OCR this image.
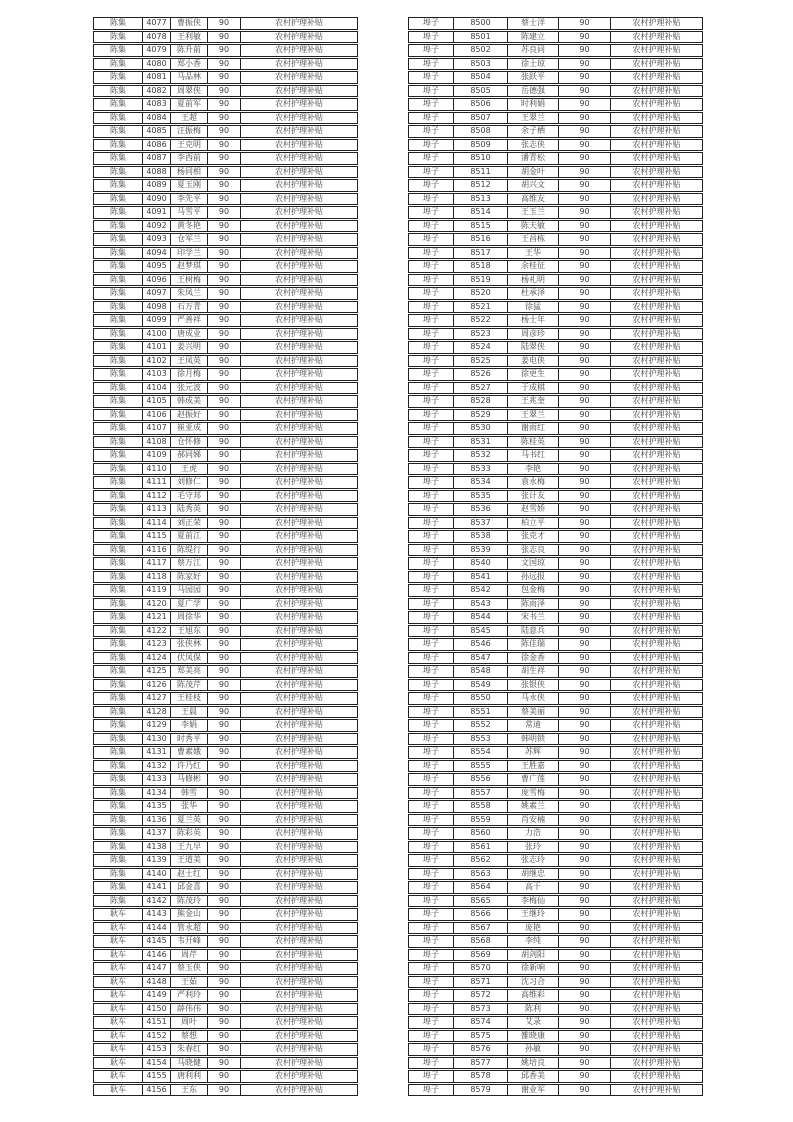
陈集	4077	曹振侠	90	农村护理补贴
陈集	4078	王利敏	90	农村护理补贴
陈集	4079	陈升前	90	农村护理补贴
陈集	4080	郑小香	90	农村护理补贴
陈集	4081	马品林	90	农村护理补贴
陈集	4082	周翠侠	90	农村护理补贴
陈集	4083	夏前军	90	农村护理补贴
陈集	4084	王超	90	农村护理补贴
陈集	4085	汪振梅	90	农村护理补贴
陈集	4086	王克明	90	农村护理补贴
陈集	4087	李西前	90	农村护理补贴
陈集	4088	杨同相	90	农村护理补贴
陈集	4089	夏玉刚	90	农村护理补贴
陈集	4090	李先平	90	农村护理补贴
陈集	4091	马雪平	90	农村护理补贴
陈集	4092	黄冬艳	90	农村护理补贴
陈集	4093	仓军兰	90	农村护理补贴
陈集	4094	印学兰	90	农村护理补贴
陈集	4095	赵梦琪	90	农村护理补贴
陈集	4096	王树梅	90	农村护理补贴
陈集	4097	朱凤兰	90	农村护理补贴
陈集	4098	石万青	90	农村护理补贴
陈集	4099	严善祥	90	农村护理补贴
陈集	4100	唐成业	90	农村护理补贴
陈集	4101	姜兴明	90	农村护理补贴
陈集	4102	王凤英	90	农村护理补贴
陈集	4103	徐月梅	90	农村护理补贴
陈集	4104	张元波	90	农村护理补贴
陈集	4105	韩成美	90	农村护理补贴
陈集	4106	赵振好	90	农村护理补贴
陈集	4107	崔亚成	90	农村护理补贴
陈集	4108	仓怀修	90	农村护理补贴
陈集	4109	郝同娣	90	农村护理补贴
陈集	4110	王虎	90	农村护理补贴
陈集	4111	刘修仁	90	农村护理补贴
陈集	4112	毛守邦	90	农村护理补贴
陈集	4113	陆秀英	90	农村护理补贴
陈集	4114	刘正荣	90	农村护理补贴
陈集	4115	夏前江	90	农村护理补贴
陈集	4116	陈缇行	90	农村护理补贴
陈集	4117	蔡万江	90	农村护理补贴
陈集	4118	陈家好	90	农村护理补贴
陈集	4119	马园园	90	农村护理补贴
陈集	4120	夏广学	90	农村护理补贴
陈集	4121	周徐华	90	农村护理补贴
陈集	4122	王旭东	90	农村护理补贴
陈集	4123	张侠林	90	农村护理补贴
陈集	4124	伏凤保	90	农村护理补贴
陈集	4125	郑美亮	90	农村护理补贴
陈集	4126	陈茂芹	90	农村护理补贴
陈集	4127	王桂枝	90	农村护理补贴
陈集	4128	王晨	90	农村护理补贴
陈集	4129	李娟	90	农村护理补贴
陈集	4130	时秀平	90	农村护理补贴
陈集	4131	曹素娥	90	农村护理补贴
陈集	4132	许乃红	90	农村护理补贴
陈集	4133	马修彬	90	农村护理补贴
陈集	4134	韩雪	90	农村护理补贴
陈集	4135	张华	90	农村护理补贴
陈集	4136	夏兰英	90	农村护理补贴
陈集	4137	陈彩英	90	农村护理补贴
陈集	4138	王九早	90	农村护理补贴
陈集	4139	王道美	90	农村护理补贴
陈集	4140	赵士红	90	农村护理补贴
陈集	4141	邱金喜	90	农村护理补贴
陈集	4142	陈茂玲	90	农村护理补贴
耿车	4143	熊金山	90	农村护理补贴
耿车	4144	管永超	90	农村护理补贴
耿车	4145	韦开峰	90	农村护理补贴
耿车	4146	周芹	90	农村护理补贴
耿车	4147	蔡玉侠	90	农村护理补贴
耿车	4148	王茹	90	农村护理补贴
耿车	4149	严利玲	90	农村护理补贴
耿车	4150	薛伟伟	90	农村护理补贴
耿车	4151	周叶	90	农村护理补贴
耿车	4152	蔡想	90	农村护理补贴
耿车	4153	朱春红	90	农村护理补贴
耿车	4154	马晓健	90	农村护理补贴
耿车	4155	唐利利	90	农村护理补贴
耿车	4156	王东	90	农村护理补贴
埠子	8500	蔡士洋	90	农村护理补贴
埠子	8501	陈建立	90	农村护理补贴
埠子	8502	苏良同	90	农村护理补贴
埠子	8503	徐士琼	90	农村护理补贴
埠子	8504	张跃平	90	农村护理补贴
埠子	8505	岳德强	90	农村护理补贴
埠子	8506	时利娟	90	农村护理补贴
埠子	8507	王翠兰	90	农村护理补贴
埠子	8508	余子栖	90	农村护理补贴
埠子	8509	张志侠	90	农村护理补贴
埠子	8510	潘青松	90	农村护理补贴
埠子	8511	胡金叶	90	农村护理补贴
埠子	8512	胡兴文	90	农村护理补贴
埠子	8513	高维友	90	农村护理补贴
埠子	8514	王玉兰	90	农村护理补贴
埠子	8515	陈夫敏	90	农村护理补贴
埠子	8516	王昌栋	90	农村护理补贴
埠子	8517	王华	90	农村护理补贴
埠子	8518	余桂征	90	农村护理补贴
埠子	8519	杨礼明	90	农村护理补贴
埠子	8520	杜承泽	90	农村护理补贴
埠子	8521	徐猛	90	农村护理补贴
埠子	8522	杨士年	90	农村护理补贴
埠子	8523	周彦珍	90	农村护理补贴
埠子	8524	陆翠侠	90	农村护理补贴
埠子	8525	姜电侠	90	农村护理补贴
埠子	8526	徐更生	90	农村护理补贴
埠子	8527	于成棋	90	农村护理补贴
埠子	8528	王兆奎	90	农村护理补贴
埠子	8529	王翠兰	90	农村护理补贴
埠子	8530	谢雨红	90	农村护理补贴
埠子	8531	陈桂英	90	农村护理补贴
埠子	8532	马书红	90	农村护理补贴
埠子	8533	李艳	90	农村护理补贴
埠子	8534	袁永梅	90	农村护理补贴
埠子	8535	张计友	90	农村护理补贴
埠子	8536	赵雪娇	90	农村护理补贴
埠子	8537	柏立平	90	农村护理补贴
埠子	8538	张克才	90	农村护理补贴
埠子	8539	张志良	90	农村护理补贴
埠子	8540	文国琼	90	农村护理补贴
埠子	8541	孙远报	90	农村护理补贴
埠子	8542	包金梅	90	农村护理补贴
埠子	8543	陈雨泽	90	农村护理补贴
埠子	8544	宋书兰	90	农村护理补贴
埠子	8545	陆意兵	90	农村护理补贴
埠子	8546	陈佳瑞	90	农村护理补贴
埠子	8547	徐金香	90	农村护理补贴
埠子	8548	胡生祥	90	农村护理补贴
埠子	8549	张银侠	90	农村护理补贴
埠子	8550	马永侠	90	农村护理补贴
埠子	8551	蔡美丽	90	农村护理补贴
埠子	8552	常迪	90	农村护理补贴
埠子	8553	韩明锁	90	农村护理补贴
埠子	8554	苏辉	90	农村护理补贴
埠子	8555	王胜嘉	90	农村护理补贴
埠子	8556	曹广莲	90	农村护理补贴
埠子	8557	庞雪梅	90	农村护理补贴
埠子	8558	姚素兰	90	农村护理补贴
埠子	8559	肖安楠	90	农村护理补贴
埠子	8560	力浩	90	农村护理补贴
埠子	8561	张玲	90	农村护理补贴
埠子	8562	张志玲	90	农村护理补贴
埠子	8563	胡继忠	90	农村护理补贴
埠子	8564	高干	90	农村护理补贴
埠子	8565	李梅仙	90	农村护理补贴
埠子	8566	王继玲	90	农村护理补贴
埠子	8567	庞艳	90	农村护理补贴
埠子	8568	李纯	90	农村护理补贴
埠子	8569	胡剑阳	90	农村护理补贴
埠子	8570	徐新响	90	农村护理补贴
埠子	8571	沈习合	90	农村护理补贴
埠子	8572	高维彩	90	农村护理补贴
埠子	8573	陈利	90	农村护理补贴
埠子	8574	艾录	90	农村护理补贴
埠子	8575	雒晓康	90	农村护理补贴
埠子	8576	孙敏	90	农村护理补贴
埠子	8577	姚培良	90	农村护理补贴
埠子	8578	邱香美	90	农村护理补贴
埠子	8579	谢业军	90	农村护理补贴
